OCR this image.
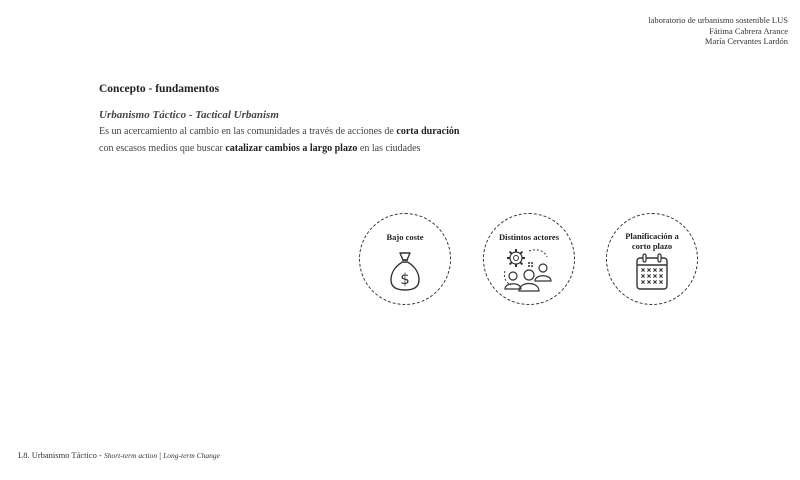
laboratorio de urbanismo sostenible LUS
Fátima Cabrera Arance
María Cervantes Lardón
Concepto - fundamentos
Urbanismo Táctico - Tactical Urbanism
Es un acercamiento al cambio en las comunidades a través de acciones de corta duración
con escasos medios que buscar catalizar cambios a largo plazo en las ciudades
Bajo coste
$
Distintos actores	Planificación a
corto plazo
L8. Urbanismo Táctico - Short-term action | Long-term Change
